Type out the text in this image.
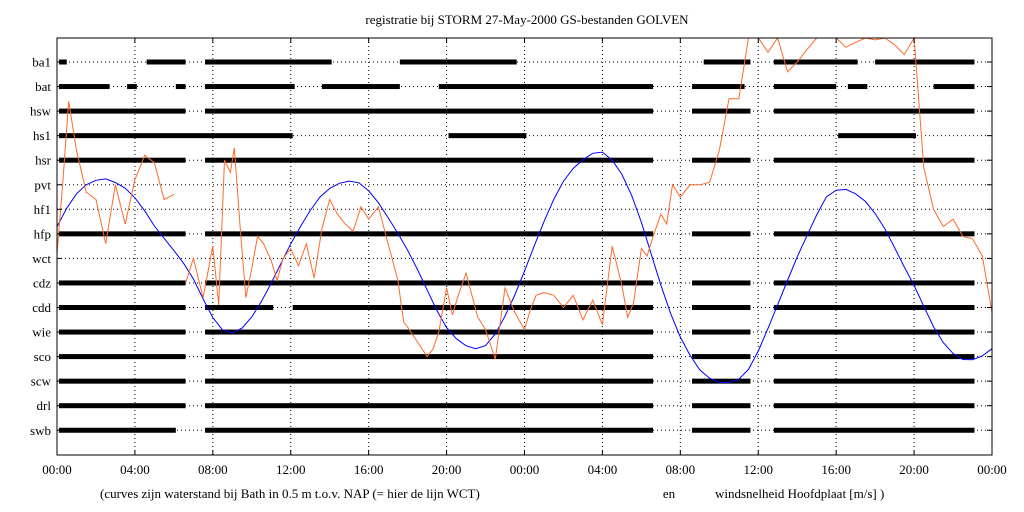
registratie bij STORM 27-May-2000 GS-bestanden GOLVEN
ba1
bat
hsw
hs1
hsr
pvt
hf1
hfp
wct
cdz
cdd
wie
sco
scw
drl
swb
00:00	04:00	08:00	12:00	16:00	20:00	00:00	04:00	08:00	12:00	16:00	20:00	00:00
(curves zijn waterstand bij Bath in 0.5 m t.o.v. NAP (= hier de lijn WCT)	en	windsnelheid Hoofdplaat [m/s] )
